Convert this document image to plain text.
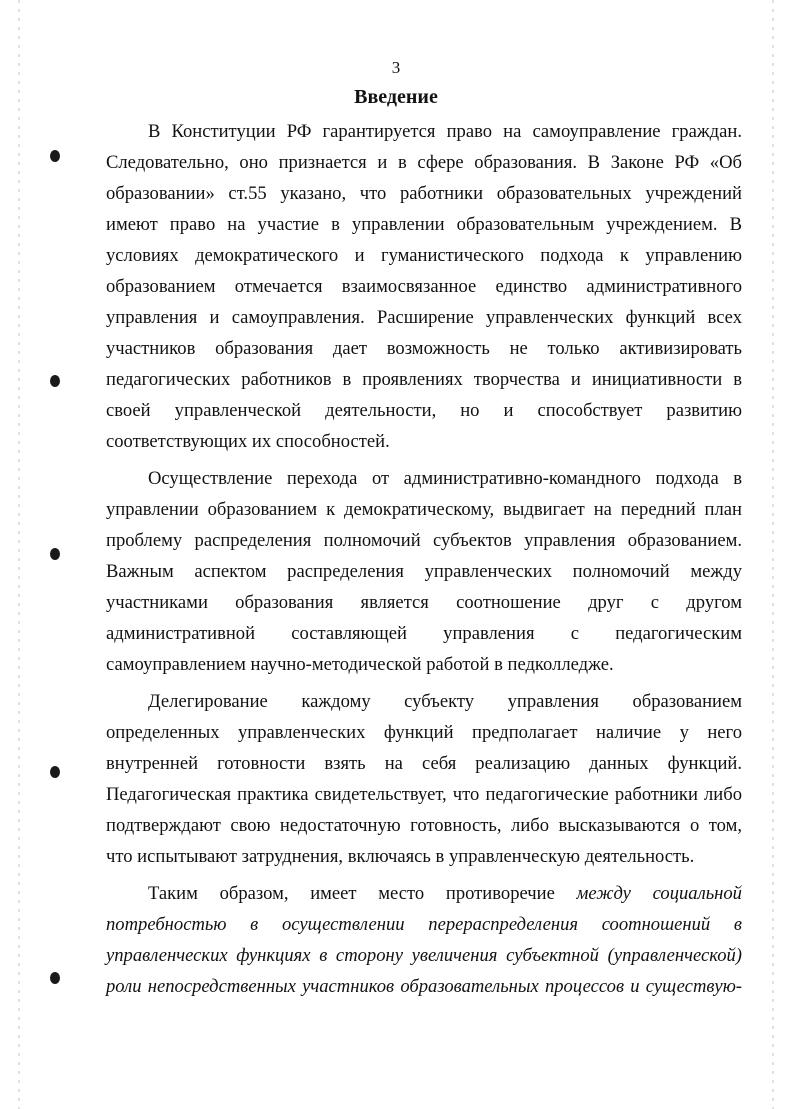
3
Введение
В Конституции РФ гарантируется право на самоуправление граждан.
Следовательно, оно признается и в сфере образования. В Законе РФ «Об
образовании» ст.55 указано, что работники образовательных учреждений
имеют право на участие в управлении образовательным учреждением. В
условиях демократического и гуманистического подхода к управлению
образованием отмечается взаимосвязанное единство административного
управления и самоуправления. Расширение управленческих функций всех
участников образования дает возможность не только активизировать
педагогических работников в проявлениях творчества и инициативности в
своей управленческой деятельности, но и способствует развитию
соответствующих их способностей.
Осуществление перехода от административно-командного подхода в
управлении образованием к демократическому, выдвигает на передний план
проблему распределения полномочий субъектов управления образованием.
Важным аспектом распределения управленческих полномочий между
участниками образования является соотношение друг с другом
административной составляющей управления с педагогическим
самоуправлением научно-методической работой в педколледже.
Делегирование каждому субъекту управления образованием
определенных управленческих функций предполагает наличие у него
внутренней готовности взять на себя реализацию данных функций.
Педагогическая практика свидетельствует, что педагогические работники либо
подтверждают свою недостаточную готовность, либо высказываются о том,
что испытывают затруднения, включаясь в управленческую деятельность.
Таким образом, имеет место противоречие между социальной
потребностью в осуществлении перераспределения соотношений в
управленческих функциях в сторону увеличения субъектной (управленческой)
роли непосредственных участников образовательных процессов и существую-
